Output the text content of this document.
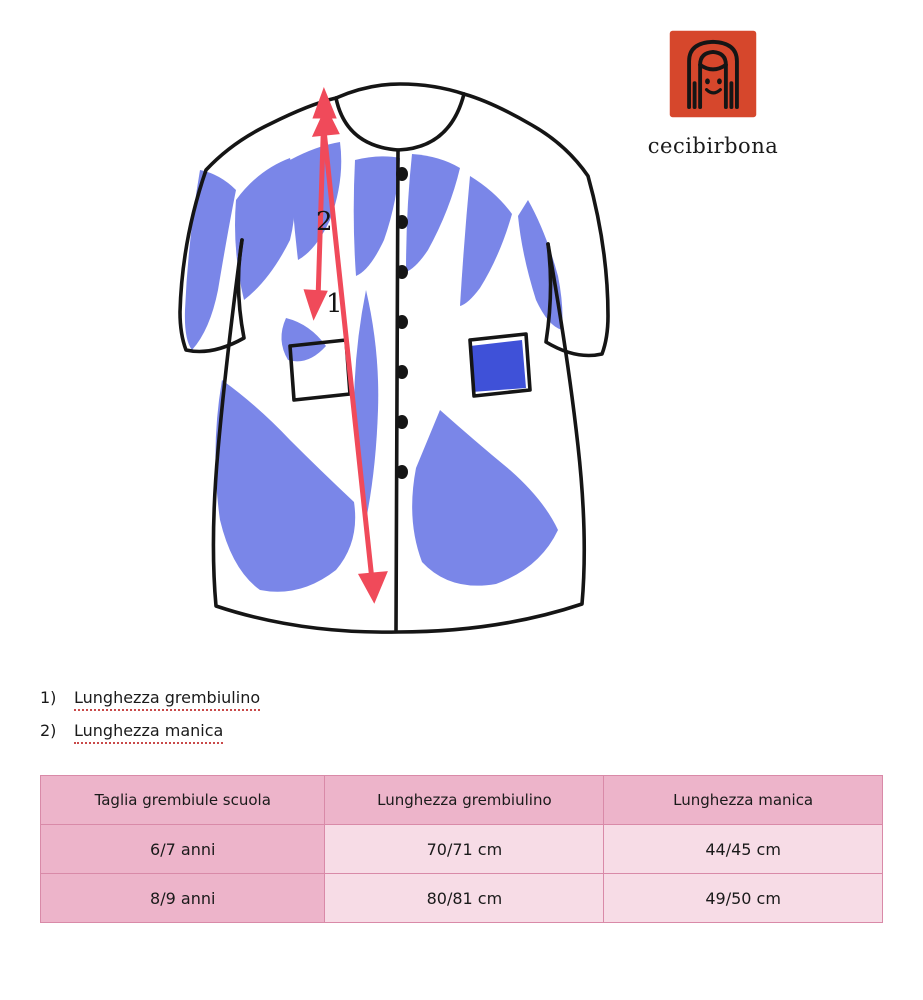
cecibirbona
2
1
1)	Lunghezza grembiulino
2)	Lunghezza manica
Taglia grembiule scuola	Lunghezza grembiulino	Lunghezza manica
6/7 anni	70/71 cm	44/45 cm
8/9 anni	80/81 cm	49/50 cm
